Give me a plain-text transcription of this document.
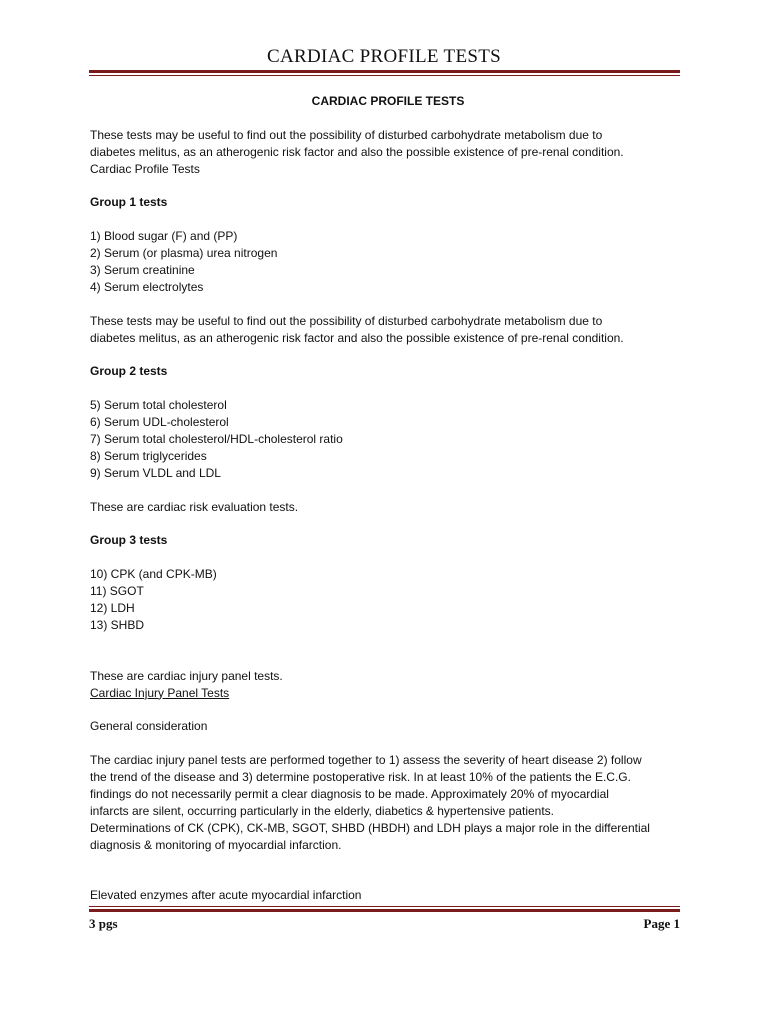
CARDIAC PROFILE TESTS

CARDIAC PROFILE TESTS

These tests may be useful to find out the possibility of disturbed carbohydrate metabolism due to

diabetes melitus, as an atherogenic risk factor and also the possible existence of pre-renal condition.

Cardiac Profile Tests

Group 1 tests

1) Blood sugar (F) and (PP)

2) Serum (or plasma) urea nitrogen

3) Serum creatinine

4) Serum electrolytes

These tests may be useful to find out the possibility of disturbed carbohydrate metabolism due to

diabetes melitus, as an atherogenic risk factor and also the possible existence of pre-renal condition.

Group 2 tests

5) Serum total cholesterol

6) Serum UDL-cholesterol

7) Serum total cholesterol/HDL-cholesterol ratio

8) Serum triglycerides

9) Serum VLDL and LDL

These are cardiac risk evaluation tests.

Group 3 tests

10) CPK (and CPK-MB)

11) SGOT

12) LDH

13) SHBD

These are cardiac injury panel tests.

Cardiac Injury Panel Tests

General consideration

The cardiac injury panel tests are performed together to 1) assess the severity of heart disease 2) follow

the trend of the disease and 3) determine postoperative risk. In at least 10% of the patients the E.C.G.

findings do not necessarily permit a clear diagnosis to be made. Approximately 20% of myocardial

infarcts are silent, occurring particularly in the elderly, diabetics & hypertensive patients.

Determinations of CK (CPK), CK-MB, SGOT, SHBD (HBDH) and LDH plays a major role in the differential

diagnosis & monitoring of myocardial infarction.

Elevated enzymes after acute myocardial infarction

3 pgs	Page 1
